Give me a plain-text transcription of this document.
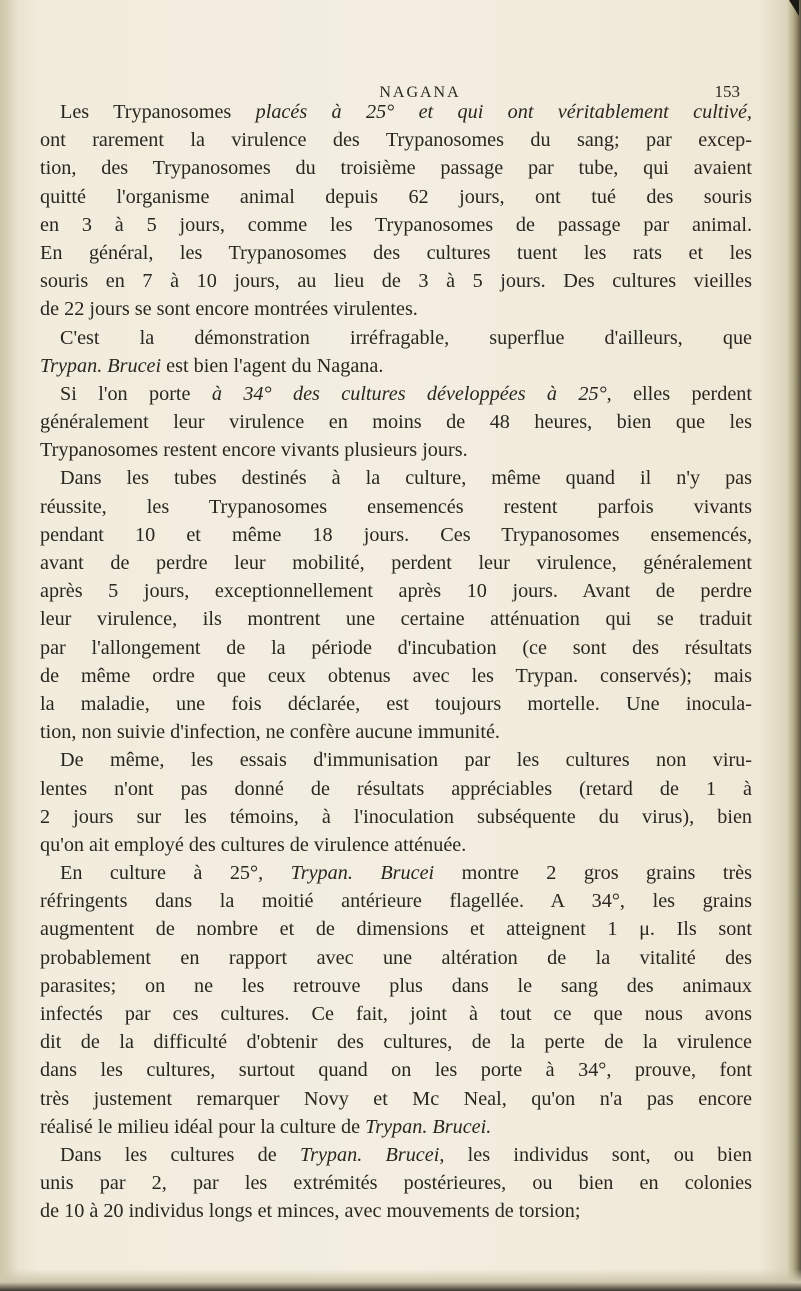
NAGANA	153
Les Trypanosomes placés à 25° et qui ont véritablement cultivé,
ont rarement la virulence des Trypanosomes du sang; par excep-
tion, des Trypanosomes du troisième passage par tube, qui avaient
quitté l'organisme animal depuis 62 jours, ont tué des souris
en 3 à 5 jours, comme les Trypanosomes de passage par animal.
En général, les Trypanosomes des cultures tuent les rats et les
souris en 7 à 10 jours, au lieu de 3 à 5 jours. Des cultures vieilles
de 22 jours se sont encore montrées virulentes.
C'est la démonstration irréfragable, superflue d'ailleurs, que
Trypan. Brucei est bien l'agent du Nagana.
Si l'on porte à 34° des cultures développées à 25°, elles perdent
généralement leur virulence en moins de 48 heures, bien que les
Trypanosomes restent encore vivants plusieurs jours.
Dans les tubes destinés à la culture, même quand il n'y pas
réussite, les Trypanosomes ensemencés restent parfois vivants
pendant 10 et même 18 jours. Ces Trypanosomes ensemencés,
avant de perdre leur mobilité, perdent leur virulence, généralement
après 5 jours, exceptionnellement après 10 jours. Avant de perdre
leur virulence, ils montrent une certaine atténuation qui se traduit
par l'allongement de la période d'incubation (ce sont des résultats
de même ordre que ceux obtenus avec les Trypan. conservés); mais
la maladie, une fois déclarée, est toujours mortelle. Une inocula-
tion, non suivie d'infection, ne confère aucune immunité.
De même, les essais d'immunisation par les cultures non viru-
lentes n'ont pas donné de résultats appréciables (retard de 1 à
2 jours sur les témoins, à l'inoculation subséquente du virus), bien
qu'on ait employé des cultures de virulence atténuée.
En culture à 25°, Trypan. Brucei montre 2 gros grains très
réfringents dans la moitié antérieure flagellée. A 34°, les grains
augmentent de nombre et de dimensions et atteignent 1 μ. Ils sont
probablement en rapport avec une altération de la vitalité des
parasites; on ne les retrouve plus dans le sang des animaux
infectés par ces cultures. Ce fait, joint à tout ce que nous avons
dit de la difficulté d'obtenir des cultures, de la perte de la virulence
dans les cultures, surtout quand on les porte à 34°, prouve, font
très justement remarquer Novy et Mc Neal, qu'on n'a pas encore
réalisé le milieu idéal pour la culture de Trypan. Brucei.
Dans les cultures de Trypan. Brucei, les individus sont, ou bien
unis par 2, par les extrémités postérieures, ou bien en colonies
de 10 à 20 individus longs et minces, avec mouvements de torsion;
